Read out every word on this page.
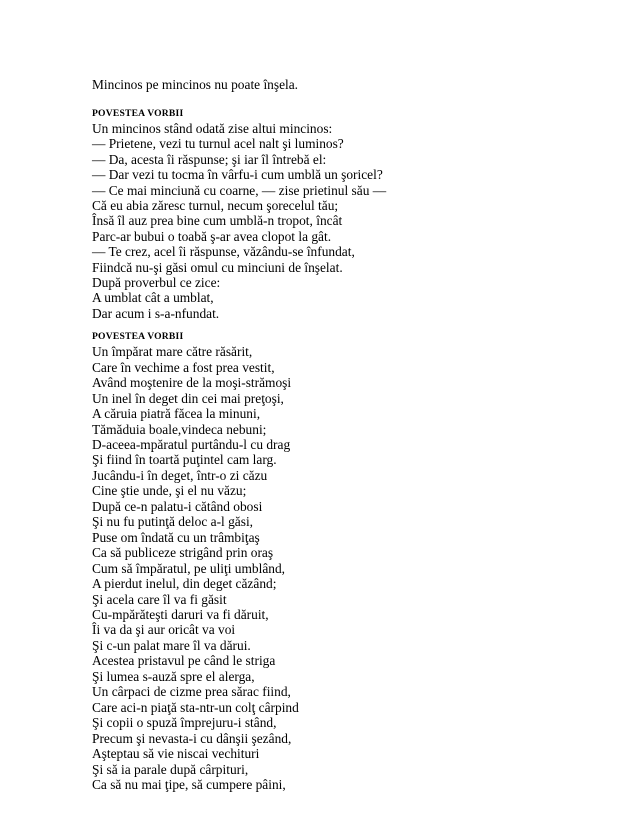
Mincinos pe mincinos nu poate înşela.

POVESTEA VORBII
Un mincinos stând odată zise altui mincinos:
— Prietene, vezi tu turnul acel nalt şi luminos?
— Da, acesta îi răspunse; şi iar îl întrebă el:
— Dar vezi tu tocma în vârfu-i cum umblă un şoricel?
— Ce mai minciună cu coarne, — zise prietinul său —
Că eu abia zăresc turnul, necum şorecelul tău;
Însă îl auz prea bine cum umblă-n tropot, încât
Parc-ar bubui o toabă ş-ar avea clopot la gât.
— Te crez, acel îi răspunse, văzându-se înfundat,
Fiindcă nu-şi găsi omul cu minciuni de înşelat.
După proverbul ce zice:
A umblat cât a umblat,
Dar acum i s-a-nfundat.
POVESTEA VORBII
Un împărat mare către răsărit,
Care în vechime a fost prea vestit,
Având moştenire de la moşi-strămoşi
Un inel în deget din cei mai preţoşi,
A căruia piatră făcea la minuni,
Tămăduia boale,vindeca nebuni;
D-aceea-mpăratul purtându-l cu drag
Şi fiind în toartă puţintel cam larg.
Jucându-i în deget, într-o zi căzu
Cine ştie unde, şi el nu văzu;
După ce-n palatu-i cătând obosi
Şi nu fu putinţă deloc a-l găsi,
Puse om îndată cu un trâmbiţaş
Ca să publiceze strigând prin oraş
Cum să împăratul, pe uliţi umblând,
A pierdut inelul, din deget căzând;
Şi acela care îl va fi găsit
Cu-mpărăteşti daruri va fi dăruit,
Îi va da şi aur oricât va voi
Şi c-un palat mare îl va dărui.
Acestea pristavul pe când le striga
Şi lumea s-auză spre el alerga,
Un cârpaci de cizme prea sărac fiind,
Care aci-n piaţă sta-ntr-un colţ cârpind
Şi copii o spuză împrejuru-i stând,
Precum şi nevasta-i cu dânşii şezând,
Aşteptau să vie niscai vechituri
Şi să ia parale după cârpituri,
Ca să nu mai ţipe, să cumpere pâini,
